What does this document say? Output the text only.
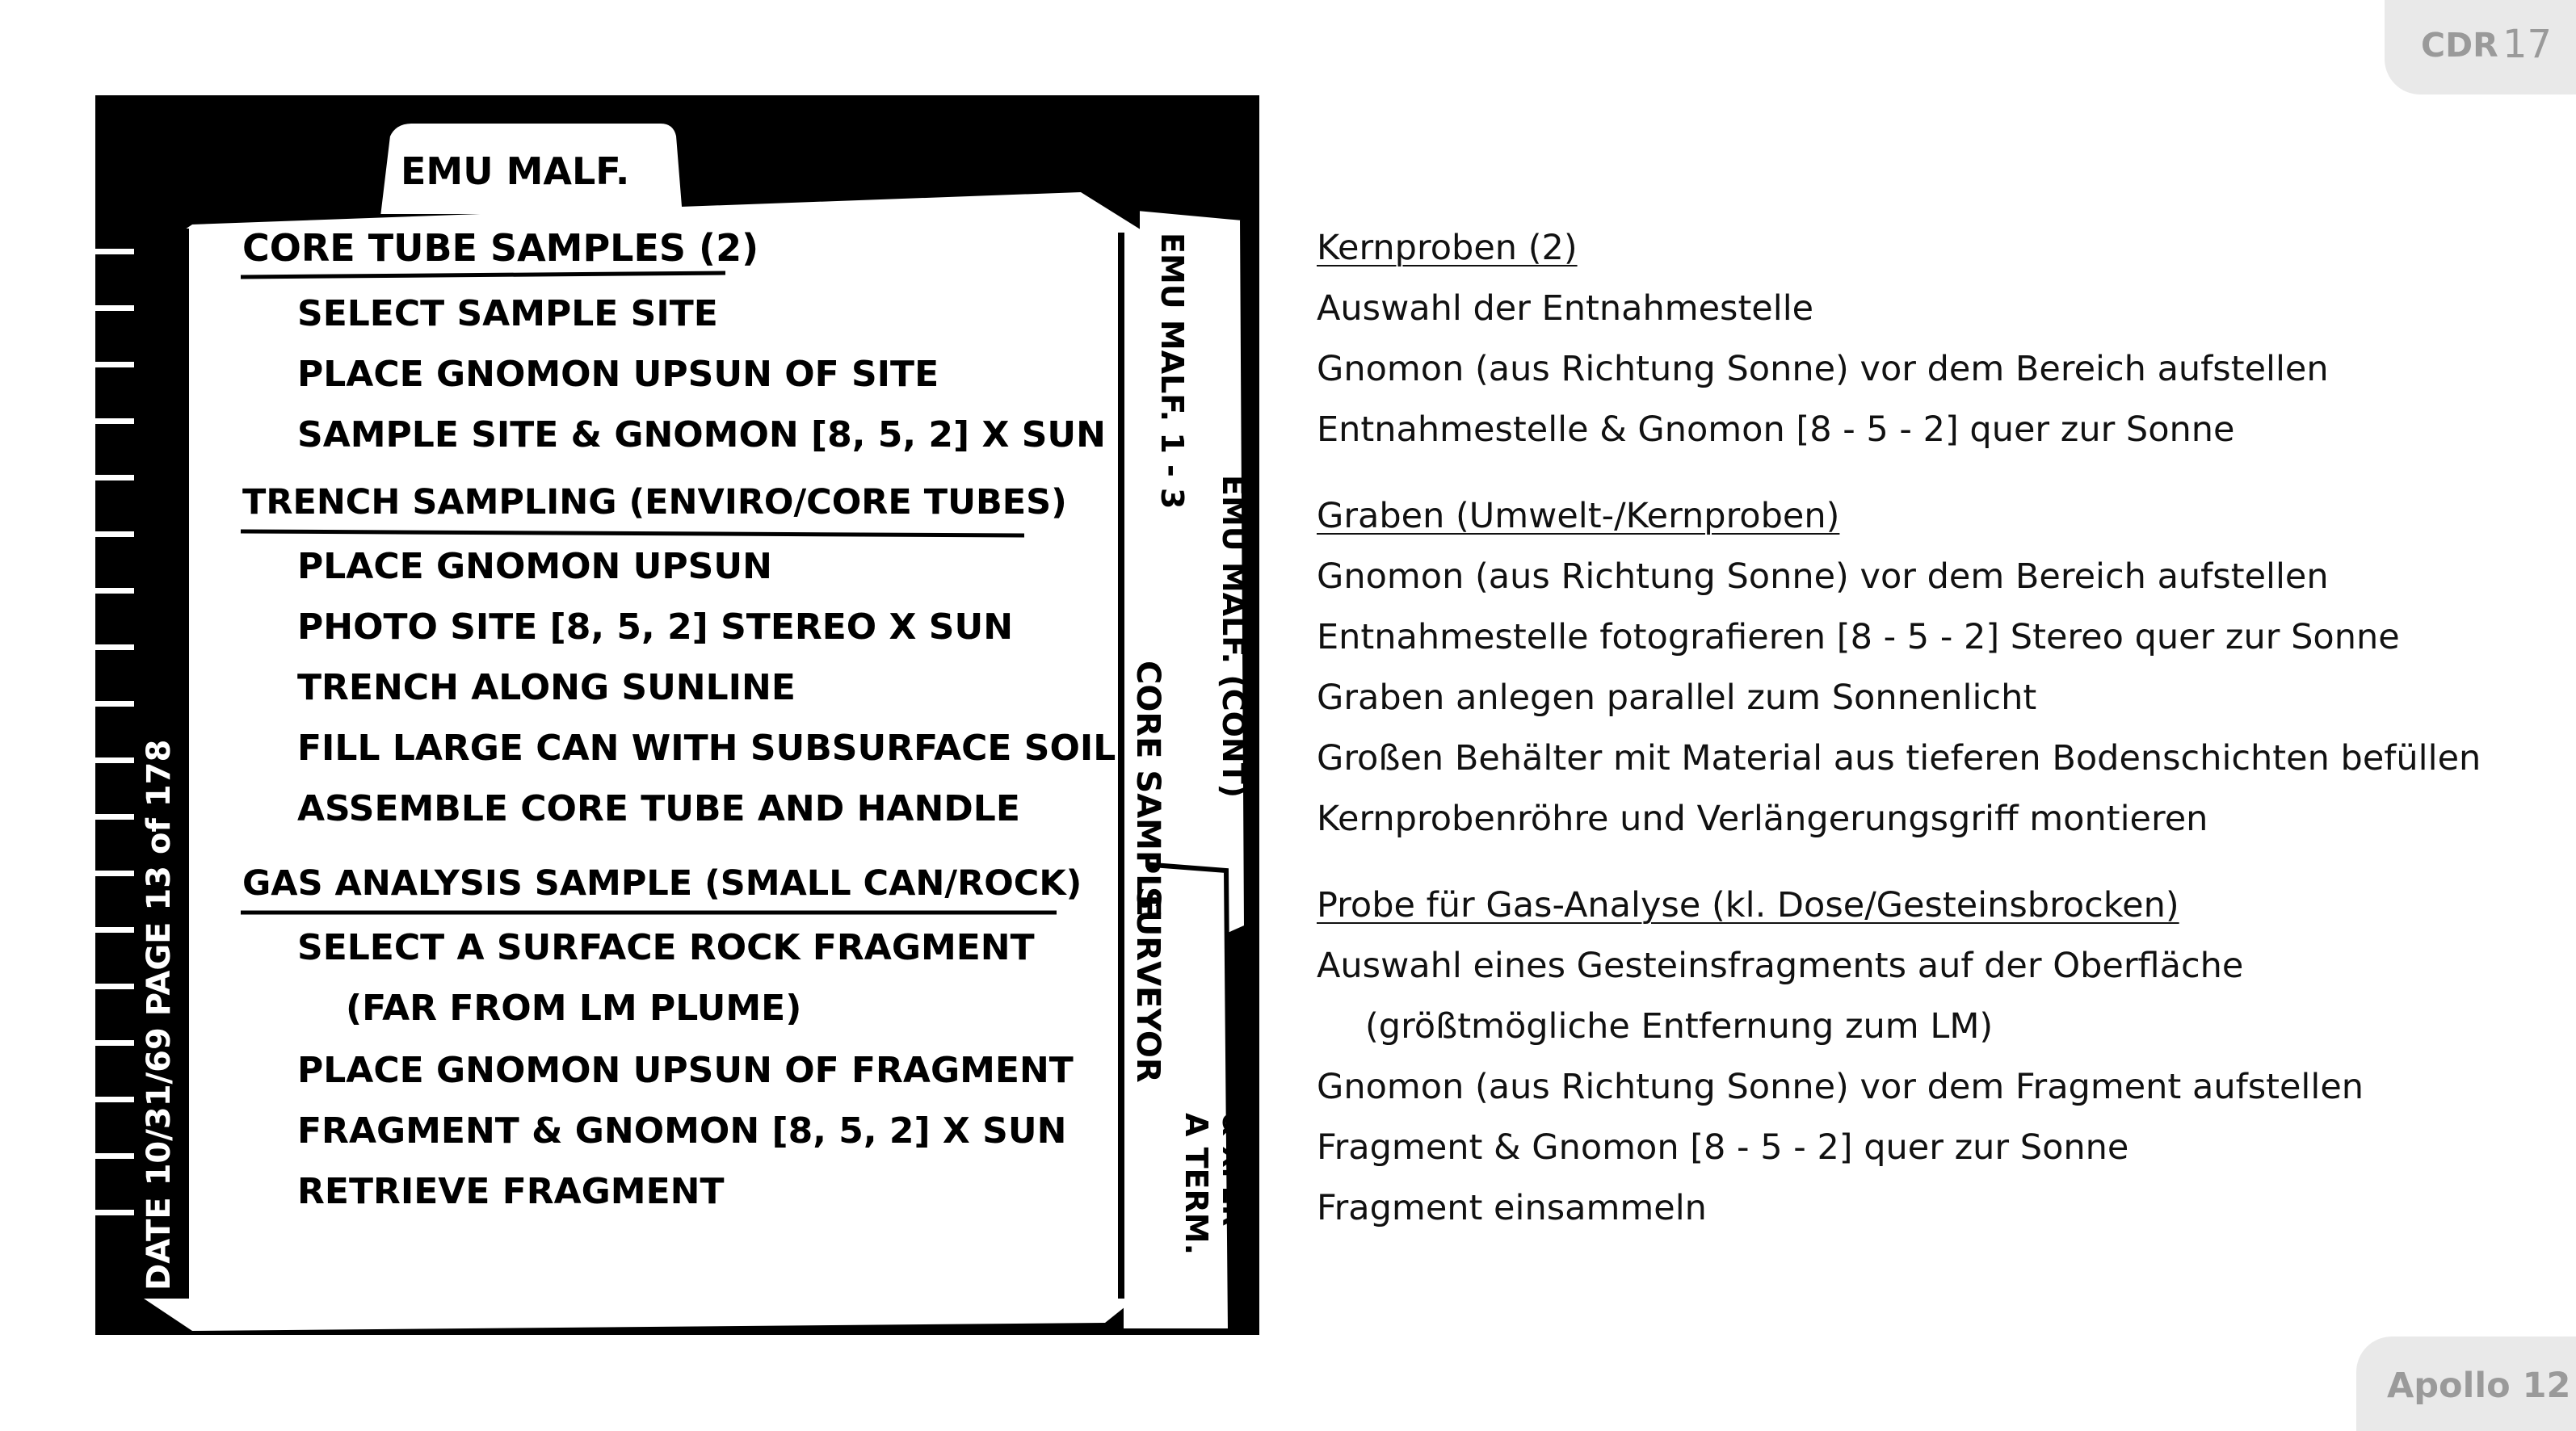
CDR 17
DATE 10/31/69 PAGE 13 of 178
EMU MALF.
EMU MALF. 1 - 3
EMU MALF. (CONT)
CORE SAMPLE
SURVEYOR
A TERM. & XFER
CORE TUBE SAMPLES (2)
SELECT SAMPLE SITE
PLACE GNOMON UPSUN OF SITE
SAMPLE SITE & GNOMON [8, 5, 2] X SUN
TRENCH SAMPLING (ENVIRO/CORE TUBES)
PLACE GNOMON UPSUN
PHOTO SITE [8, 5, 2] STEREO X SUN
TRENCH ALONG SUNLINE
FILL LARGE CAN WITH SUBSURFACE SOIL
ASSEMBLE CORE TUBE AND HANDLE
GAS ANALYSIS SAMPLE (SMALL CAN/ROCK)
SELECT A SURFACE ROCK FRAGMENT
(FAR FROM LM PLUME)
PLACE GNOMON UPSUN OF FRAGMENT
FRAGMENT & GNOMON [8, 5, 2] X SUN
RETRIEVE FRAGMENT
Kernproben (2)
Auswahl der Entnahmestelle
Gnomon (aus Richtung Sonne) vor dem Bereich aufstellen
Entnahmestelle & Gnomon [8 - 5 - 2] quer zur Sonne
Graben (Umwelt-/Kernproben)
Gnomon (aus Richtung Sonne) vor dem Bereich aufstellen
Entnahmestelle fotografieren [8 - 5 - 2] Stereo quer zur Sonne
Graben anlegen parallel zum Sonnenlicht
Großen Behälter mit Material aus tieferen Bodenschichten befüllen
Kernprobenröhre und Verlängerungsgriff montieren
Probe für Gas-Analyse (kl. Dose/Gesteinsbrocken)
Auswahl eines Gesteinsfragments auf der Oberfläche
(größtmögliche Entfernung zum LM)
Gnomon (aus Richtung Sonne) vor dem Fragment aufstellen
Fragment & Gnomon [8 - 5 - 2] quer zur Sonne
Fragment einsammeln
Apollo 12
